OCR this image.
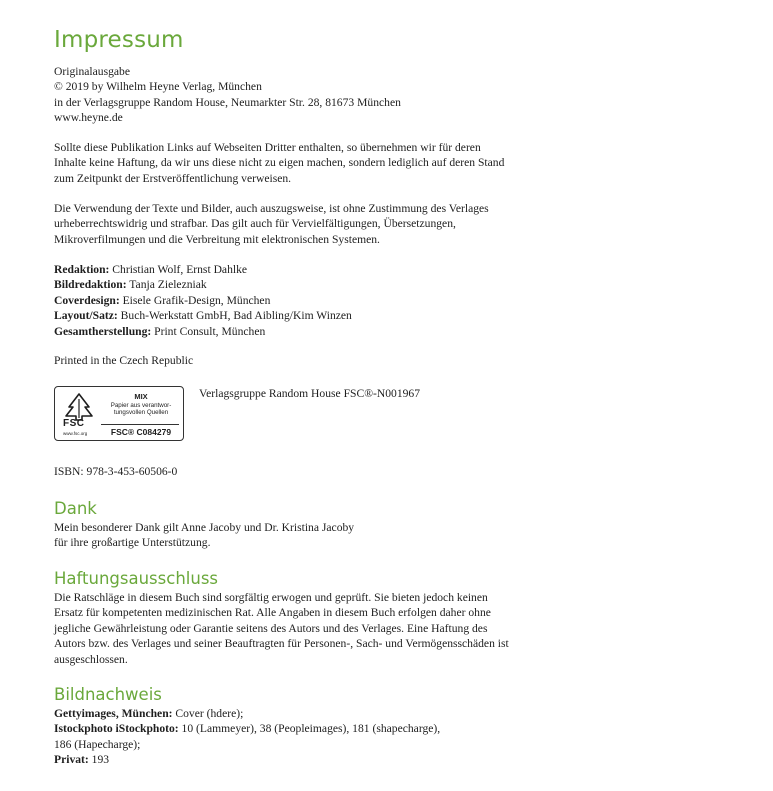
Impressum
Originalausgabe
© 2019 by Wilhelm Heyne Verlag, München
in der Verlagsgruppe Random House, Neumarkter Str. 28, 81673 München
www.heyne.de
Sollte diese Publikation Links auf Webseiten Dritter enthalten, so übernehmen wir für deren
Inhalte keine Haftung, da wir uns diese nicht zu eigen machen, sondern lediglich auf deren Stand
zum Zeitpunkt der Erstveröffentlichung verweisen.
Die Verwendung der Texte und Bilder, auch auszugsweise, ist ohne Zustimmung des Verlages
urheberrechtswidrig und strafbar. Das gilt auch für Vervielfältigungen, Übersetzungen,
Mikroverfilmungen und die Verbreitung mit elektronischen Systemen.
Redaktion: Christian Wolf, Ernst Dahlke
Bildredaktion: Tanja Zielezniak
Coverdesign: Eisele Grafik-Design, München
Layout/Satz: Buch-Werkstatt GmbH, Bad Aibling/Kim Winzen
Gesamtherstellung: Print Consult, München
Printed in the Czech Republic
FSC
www.fsc.org
MIX
Papier aus verantwor-
tungsvollen Quellen
FSC® C084279
Verlagsgruppe Random House FSC®-N001967
ISBN: 978-3-453-60506-0
Dank
Mein besonderer Dank gilt Anne Jacoby und Dr. Kristina Jacoby
für ihre großartige Unterstützung.
Haftungsausschluss
Die Ratschläge in diesem Buch sind sorgfältig erwogen und geprüft. Sie bieten jedoch keinen
Ersatz für kompetenten medizinischen Rat. Alle Angaben in diesem Buch erfolgen daher ohne
jegliche Gewährleistung oder Garantie seitens des Autors und des Verlages. Eine Haftung des
Autors bzw. des Verlages und seiner Beauftragten für Personen-, Sach- und Vermögensschäden ist
ausgeschlossen.
Bildnachweis
Gettyimages, München: Cover (hdere);
Istockphoto iStockphoto: 10 (Lammeyer), 38 (Peopleimages), 181 (shapecharge),
186 (Hapecharge);
Privat: 193
